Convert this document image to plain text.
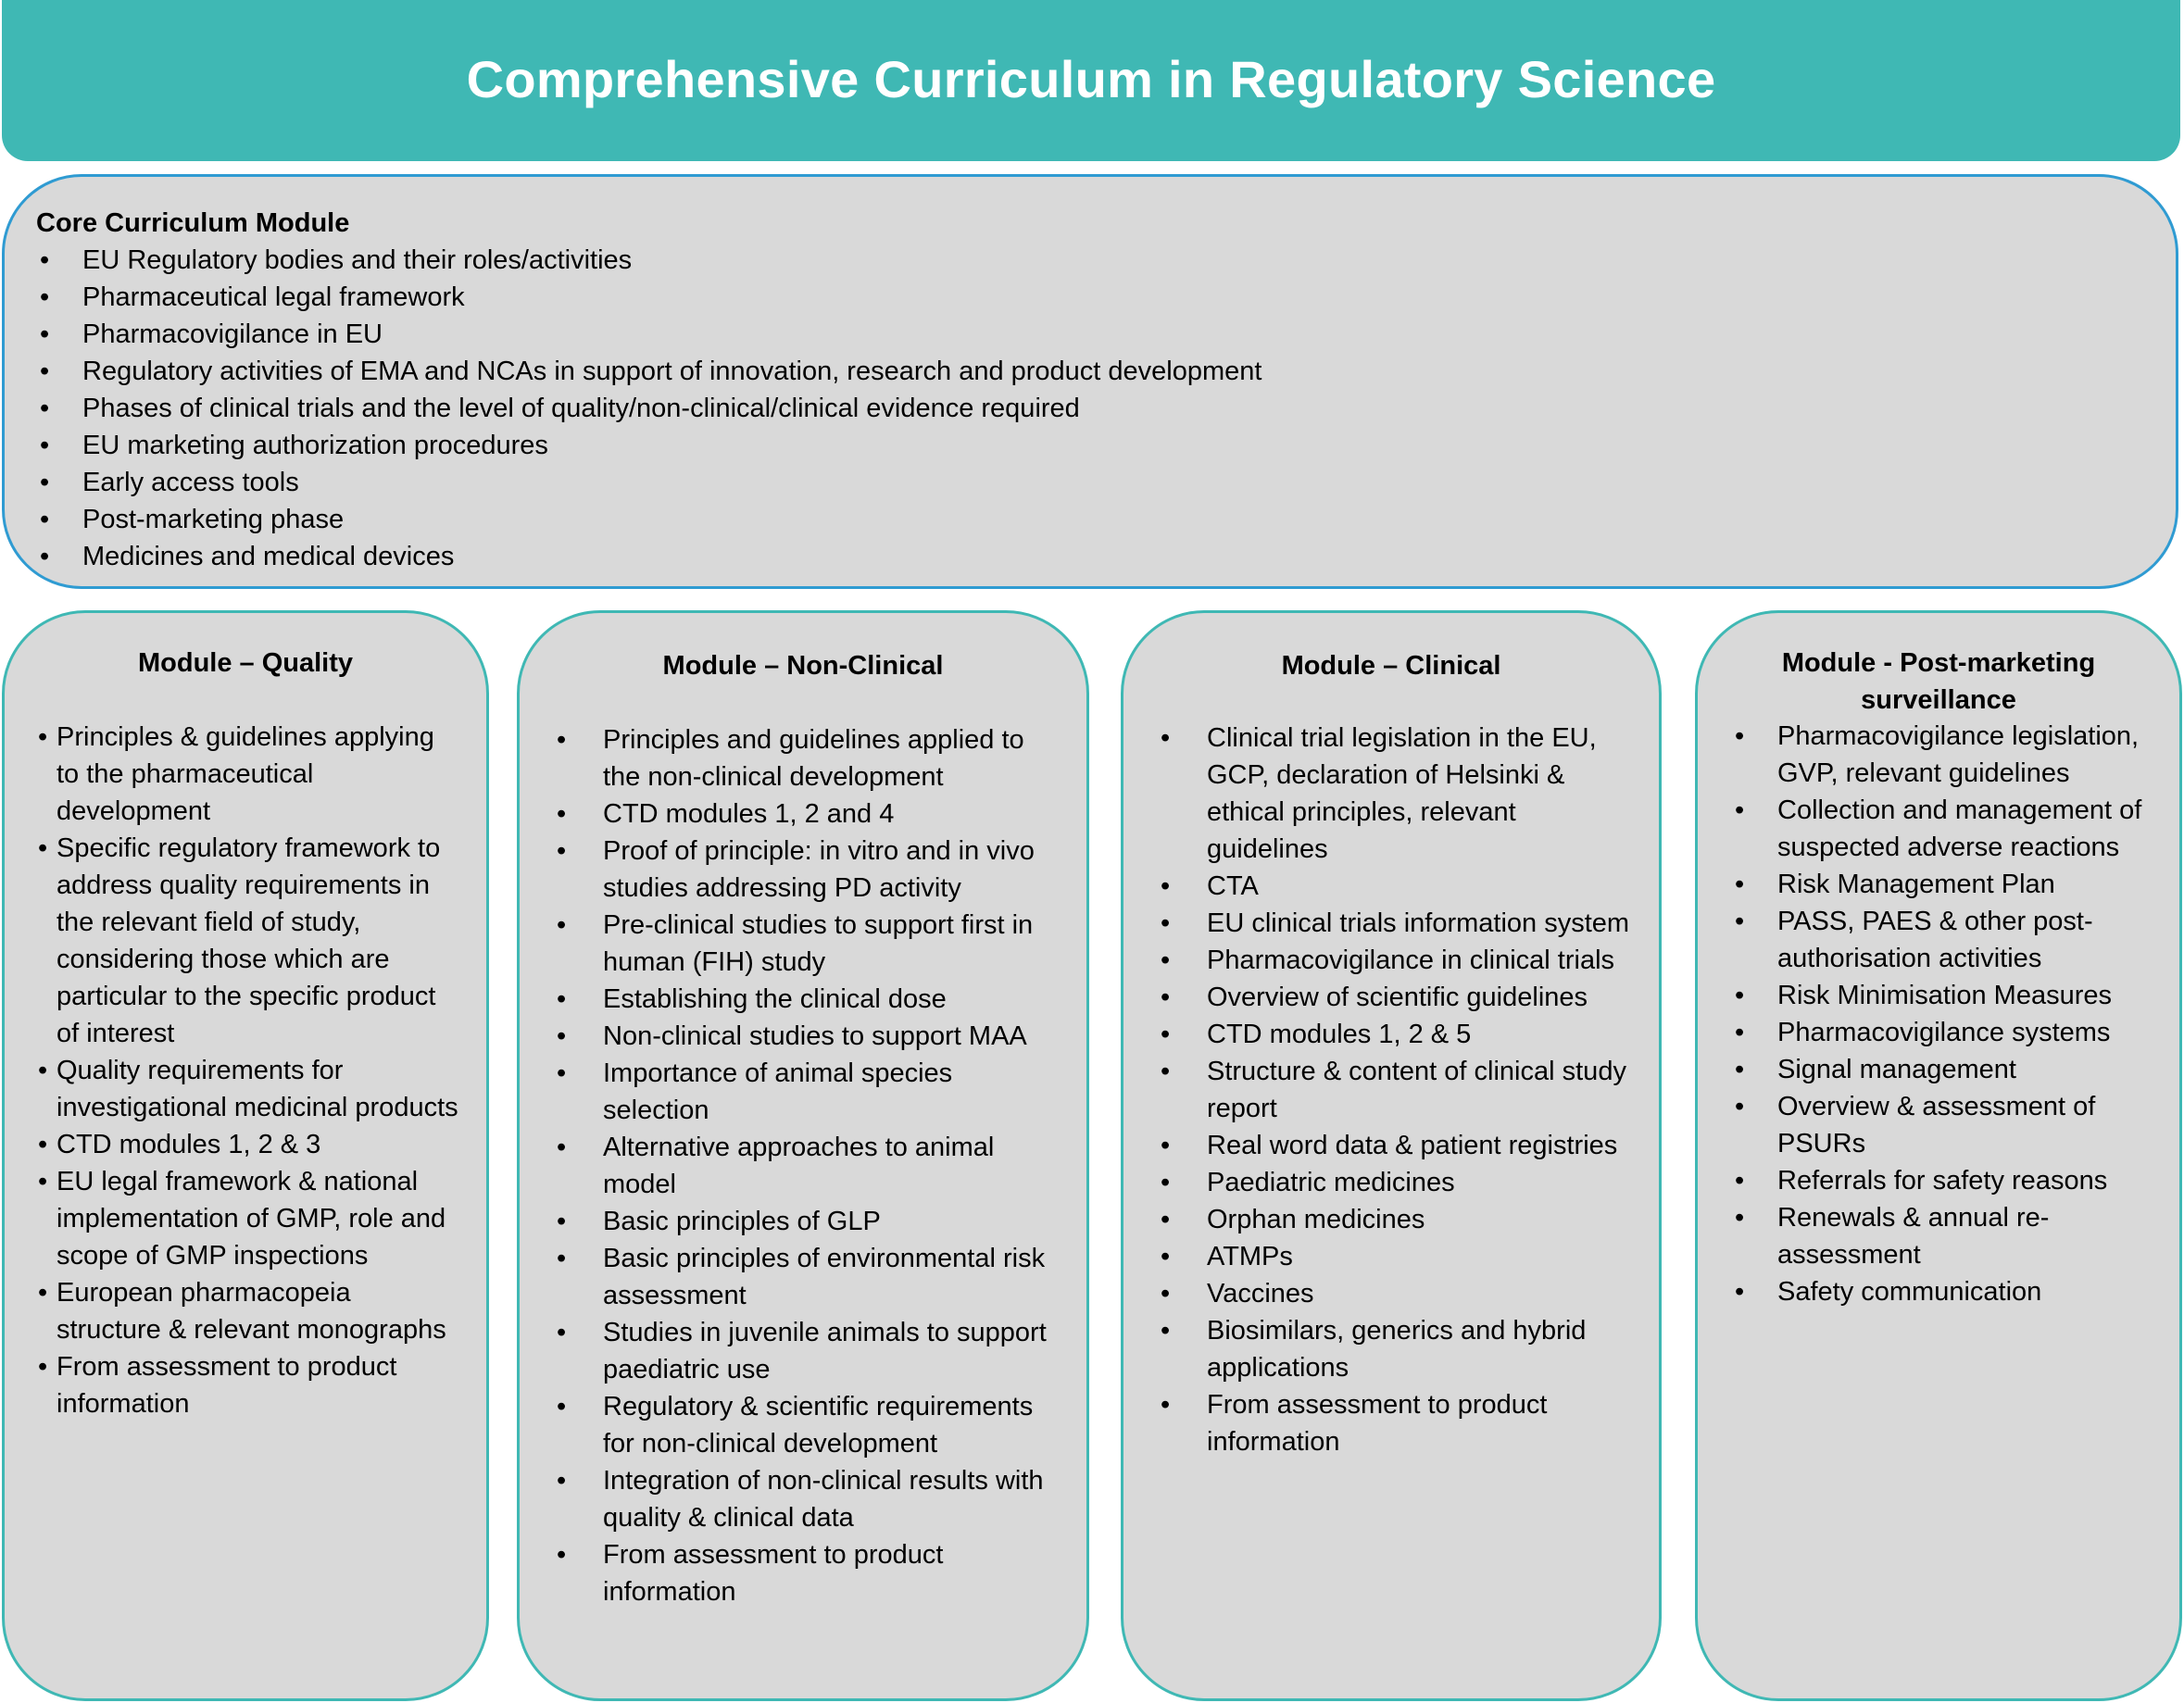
Comprehensive Curriculum in Regulatory Science

Core Curriculum Module

• EU Regulatory bodies and their roles/activities
• Pharmaceutical legal framework
• Pharmacovigilance in EU
• Regulatory activities of EMA and NCAs in support of innovation, research and product development
• Phases of clinical trials and the level of quality/non-clinical/clinical evidence required
• EU marketing authorization procedures
• Early access tools
• Post-marketing phase
• Medicines and medical devices

Module – Quality

• Principles & guidelines applying to the pharmaceutical development
• Specific regulatory framework to address quality requirements in the relevant field of study, considering those which are particular to the specific product of interest
• Quality requirements for investigational medicinal products
• CTD modules 1, 2 & 3
• EU legal framework & national implementation of GMP, role and scope of GMP inspections
• European pharmacopeia structure & relevant monographs
• From assessment to product information

Module – Non-Clinical

• Principles and guidelines applied to the non-clinical development
• CTD modules 1, 2 and 4
• Proof of principle: in vitro and in vivo studies addressing PD activity
• Pre-clinical studies to support first in human (FIH) study
• Establishing the clinical dose
• Non-clinical studies to support MAA
• Importance of animal species selection
• Alternative approaches to animal model
• Basic principles of GLP
• Basic principles of environmental risk assessment
• Studies in juvenile animals to support paediatric use
• Regulatory & scientific requirements for non-clinical development
• Integration of non-clinical results with quality & clinical data
• From assessment to product information

Module – Clinical

• Clinical trial legislation in the EU, GCP, declaration of Helsinki & ethical principles, relevant guidelines
• CTA
• EU clinical trials information system
• Pharmacovigilance in clinical trials
• Overview of scientific guidelines
• CTD modules 1, 2 & 5
• Structure & content of clinical study report
• Real word data & patient registries
• Paediatric medicines
• Orphan medicines
• ATMPs
• Vaccines
• Biosimilars, generics and hybrid applications
• From assessment to product information

Module - Post-marketing surveillance

• Pharmacovigilance legislation, GVP, relevant guidelines
• Collection and management of suspected adverse reactions
• Risk Management Plan
• PASS, PAES & other post-authorisation activities
• Risk Minimisation Measures
• Pharmacovigilance systems
• Signal management
• Overview & assessment of PSURs
• Referrals for safety reasons
• Renewals & annual re-assessment
• Safety communication
